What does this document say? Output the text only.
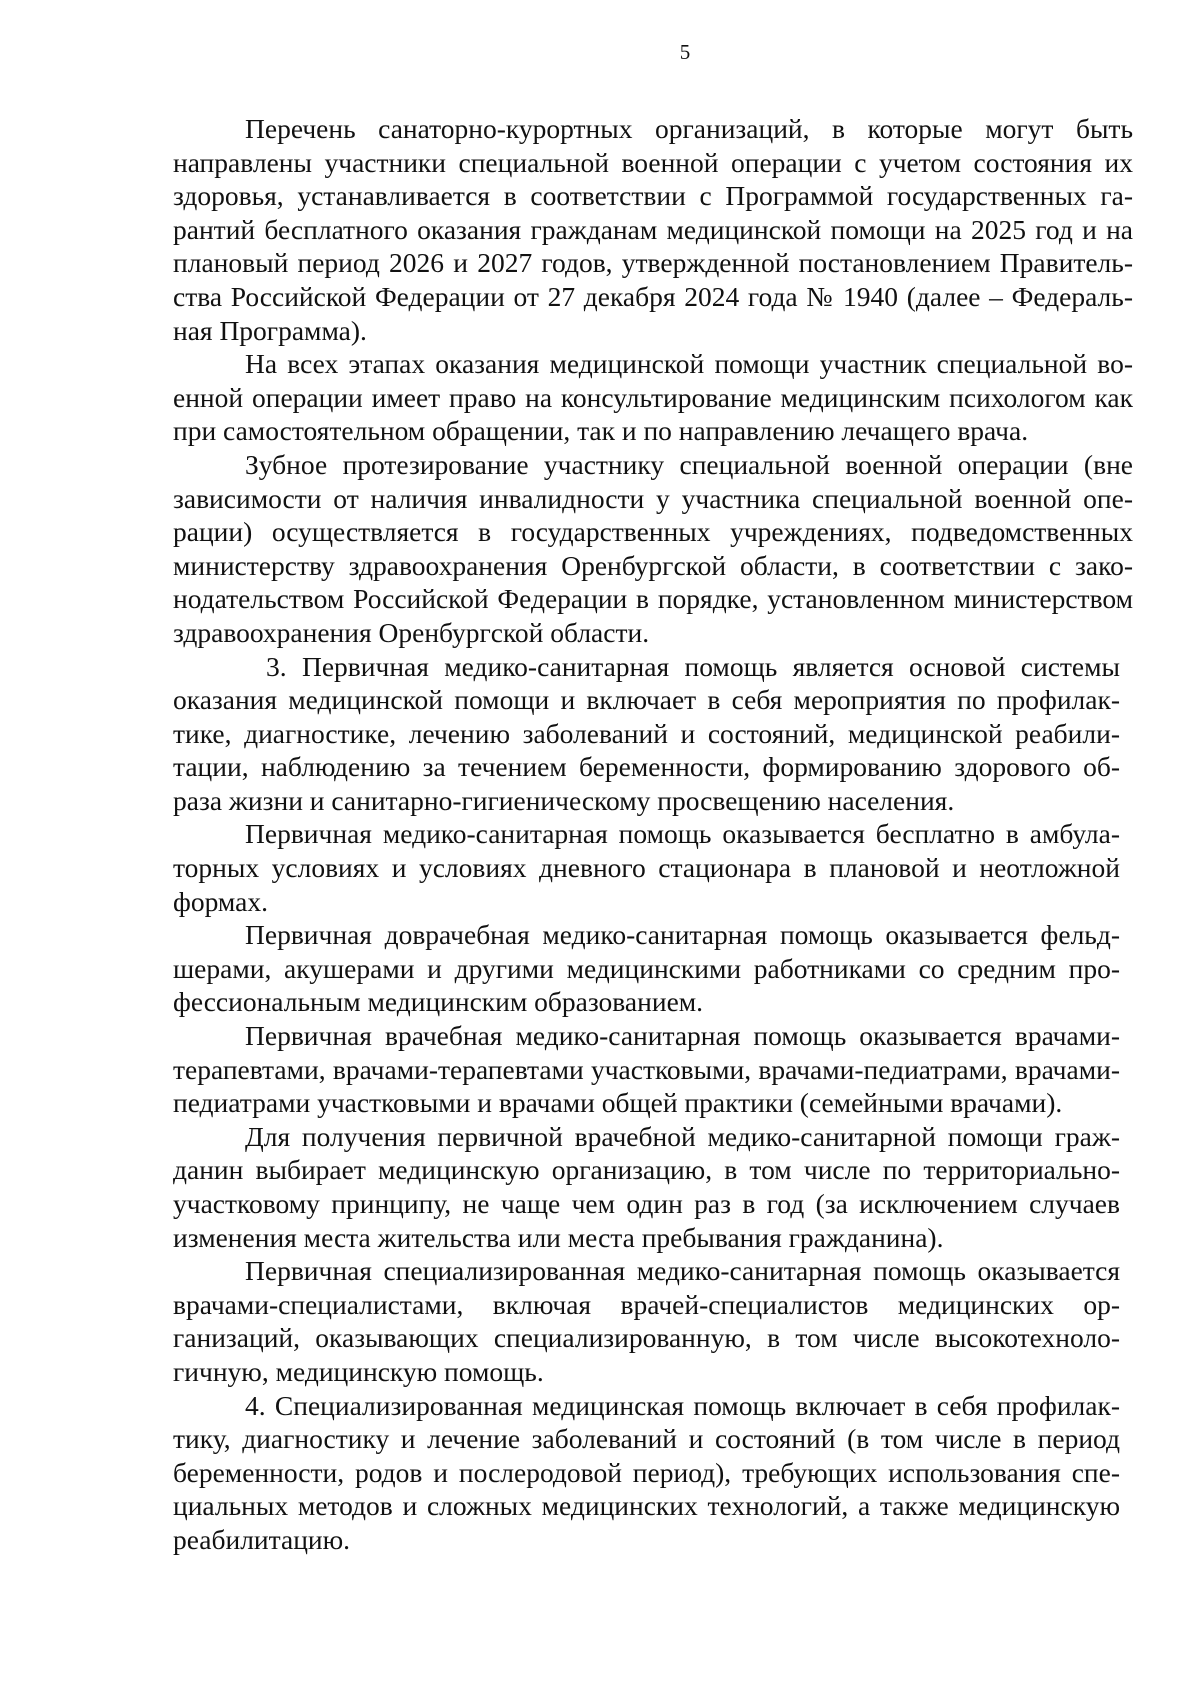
5

Перечень санаторно-курортных организаций, в которые могут быть направлены участники специальной военной операции с учетом состояния их здоровья, устанавливается в соответствии с Программой государственных гарантий бесплатного оказания гражданам медицинской помощи на 2025 год и на плановый период 2026 и 2027 годов, утвержденной постановлением Правительства Российской Федерации от 27 декабря 2024 года № 1940 (далее – Федеральная Программа).

На всех этапах оказания медицинской помощи участник специальной военной операции имеет право на консультирование медицинским психологом как при самостоятельном обращении, так и по направлению лечащего врача.

Зубное протезирование участнику специальной военной операции (вне зависимости от наличия инвалидности у участника специальной военной операции) осуществляется в государственных учреждениях, подведомственных министерству здравоохранения Оренбургской области, в соответствии с законодательством Российской Федерации в порядке, установленном министерством здравоохранения Оренбургской области.

3. Первичная медико-санитарная помощь является основой системы оказания медицинской помощи и включает в себя мероприятия по профилактике, диагностике, лечению заболеваний и состояний, медицинской реабилитации, наблюдению за течением беременности, формированию здорового образа жизни и санитарно-гигиеническому просвещению населения.

Первичная медико-санитарная помощь оказывается бесплатно в амбулаторных условиях и условиях дневного стационара в плановой и неотложной формах.

Первичная доврачебная медико-санитарная помощь оказывается фельдшерами, акушерами и другими медицинскими работниками со средним профессиональным медицинским образованием.

Первичная врачебная медико-санитарная помощь оказывается врачами-терапевтами, врачами-терапевтами участковыми, врачами-педиатрами, врачами-педиатрами участковыми и врачами общей практики (семейными врачами).

Для получения первичной врачебной медико-санитарной помощи гражданин выбирает медицинскую организацию, в том числе по территориально-участковому принципу, не чаще чем один раз в год (за исключением случаев изменения места жительства или места пребывания гражданина).

Первичная специализированная медико-санитарная помощь оказывается врачами-специалистами, включая врачей-специалистов медицинских организаций, оказывающих специализированную, в том числе высокотехнологичную, медицинскую помощь.

4. Специализированная медицинская помощь включает в себя профилактику, диагностику и лечение заболеваний и состояний (в том числе в период беременности, родов и послеродовой период), требующих использования специальных методов и сложных медицинских технологий, а также медицинскую реабилитацию.
